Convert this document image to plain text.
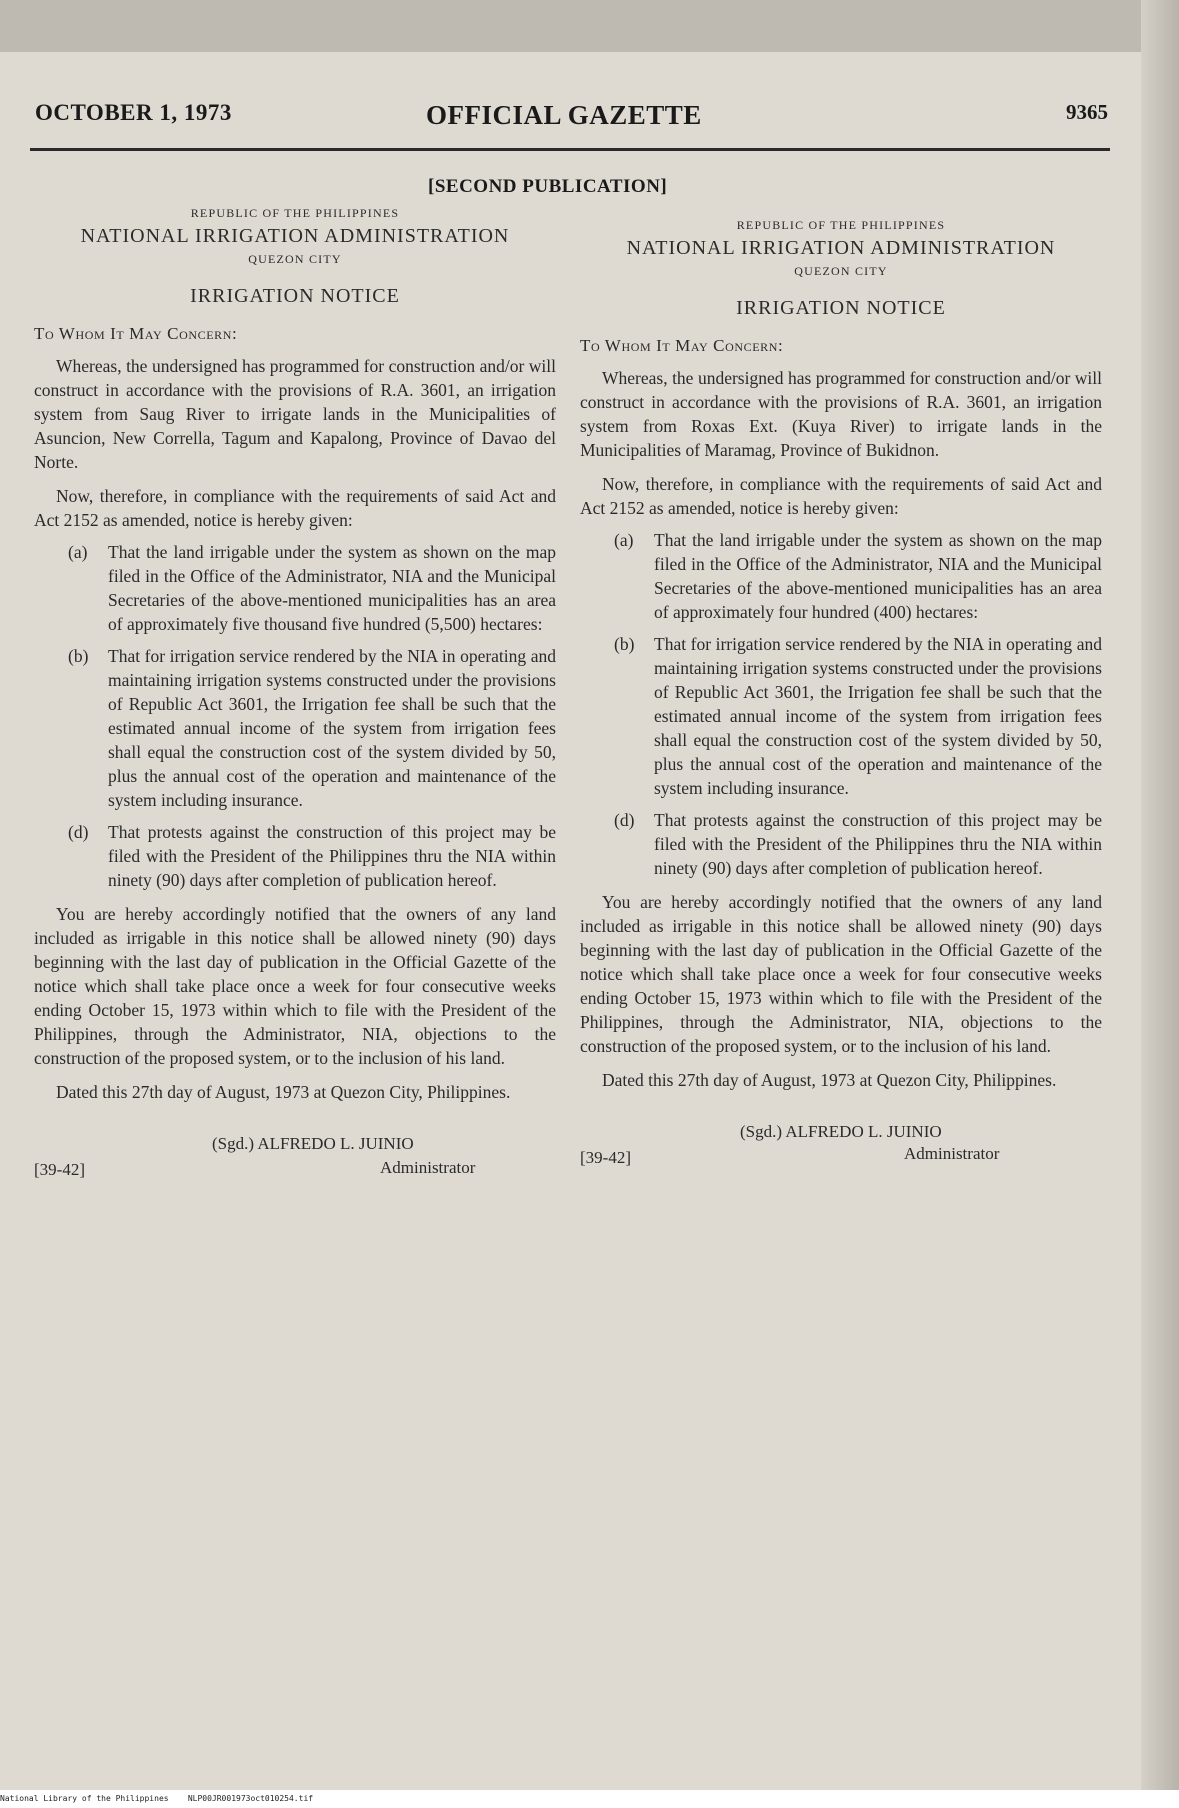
OCTOBER 1, 1973	OFFICIAL GAZETTE	9365
[SECOND PUBLICATION]
REPUBLIC OF THE PHILIPPINES
NATIONAL IRRIGATION ADMINISTRATION
QUEZON CITY
IRRIGATION NOTICE
To Whom It May Concern:

Whereas, the undersigned has programmed for construction and/or will construct in accordance with the provisions of R.A. 3601, an irrigation system from Saug River to irrigate lands in the Municipalities of Asuncion, New Corrella, Tagum and Kapalong, Province of Davao del Norte.

Now, therefore, in compliance with the requirements of said Act and Act 2152 as amended, notice is hereby given:

(a)	That the land irrigable under the system as shown on the map filed in the Office of the Administrator, NIA and the Municipal Secretaries of the above-mentioned municipalities has an area of approximately five thousand five hundred (5,500) hectares:
(b)	That for irrigation service rendered by the NIA in operating and maintaining irrigation systems constructed under the provisions of Republic Act 3601, the Irrigation fee shall be such that the estimated annual income of the system from irrigation fees shall equal the construction cost of the system divided by 50, plus the annual cost of the operation and maintenance of the system including insurance.
(d)	That protests against the construction of this project may be filed with the President of the Philippines thru the NIA within ninety (90) days after completion of publication hereof.

You are hereby accordingly notified that the owners of any land included as irrigable in this notice shall be allowed ninety (90) days beginning with the last day of publication in the Official Gazette of the notice which shall take place once a week for four consecutive weeks ending October 15, 1973 within which to file with the President of the Philippines, through the Administrator, NIA, objections to the construction of the proposed system, or to the inclusion of his land.

Dated this 27th day of August, 1973 at Quezon City, Philippines.

(Sgd.) ALFREDO L. JUINIO
Administrator
[39-42]
REPUBLIC OF THE PHILIPPINES
NATIONAL IRRIGATION ADMINISTRATION
QUEZON CITY
IRRIGATION NOTICE
To Whom It May Concern:

Whereas, the undersigned has programmed for construction and/or will construct in accordance with the provisions of R.A. 3601, an irrigation system from Roxas Ext. (Kuya River) to irrigate lands in the Municipalities of Maramag, Province of Bukidnon.

Now, therefore, in compliance with the requirements of said Act and Act 2152 as amended, notice is hereby given:

(a)	That the land irrigable under the system as shown on the map filed in the Office of the Administrator, NIA and the Municipal Secretaries of the above-mentioned municipalities has an area of approximately four hundred (400) hectares:
(b)	That for irrigation service rendered by the NIA in operating and maintaining irrigation systems constructed under the provisions of Republic Act 3601, the Irrigation fee shall be such that the estimated annual income of the system from irrigation fees shall equal the construction cost of the system divided by 50, plus the annual cost of the operation and maintenance of the system including insurance.
(d)	That protests against the construction of this project may be filed with the President of the Philippines thru the NIA within ninety (90) days after completion of publication hereof.

You are hereby accordingly notified that the owners of any land included as irrigable in this notice shall be allowed ninety (90) days beginning with the last day of publication in the Official Gazette of the notice which shall take place once a week for four consecutive weeks ending October 15, 1973 within which to file with the President of the Philippines, through the Administrator, NIA, objections to the construction of the proposed system, or to the inclusion of his land.

Dated this 27th day of August, 1973 at Quezon City, Philippines.

(Sgd.) ALFREDO L. JUINIO
Administrator
[39-42]
National Library of the Philippines NLP00JR001973oct010254.tif
